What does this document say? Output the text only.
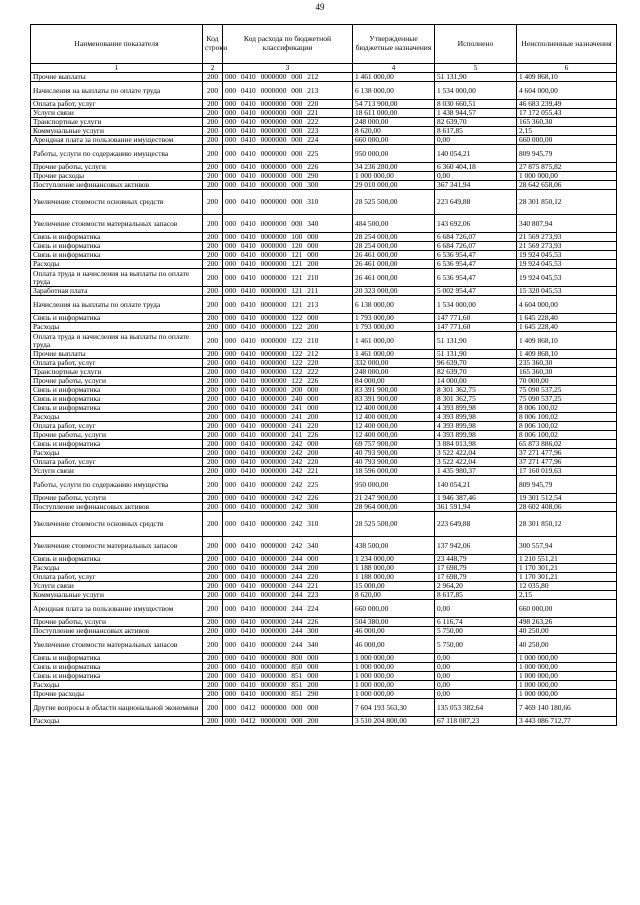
49
Наименование показателя	Код строки	Код расхода по бюджетной классификации	Утвержденные бюджетные назначения	Исполнено	Неисполненные назначения
1	2	3	4	5	6
Прочие выплаты	200	000 0410 0000000 000 212	1 461 000,00	51 131,90	1 409 868,10
Начисления на выплаты по оплате труда	200	000 0410 0000000 000 213	6 138 000,00	1 534 000,00	4 604 000,00
Оплата работ, услуг	200	000 0410 0000000 000 220	54 713 900,00	8 030 660,51	46 683 239,49
Услуги связи	200	000 0410 0000000 000 221	18 611 000,00	1 438 944,57	17 172 055,43
Транспортные услуги	200	000 0410 0000000 000 222	248 000,00	82 639,70	165 360,30
Коммунальные услуги	200	000 0410 0000000 000 223	8 620,00	8 617,85	2,15
Арендная плата за пользование имуществом	200	000 0410 0000000 000 224	660 000,00	0,00	660 000,00
Работы, услуги по содержанию имущества	200	000 0410 0000000 000 225	950 000,00	140 054,21	809 945,79
Прочие работы, услуги	200	000 0410 0000000 000 226	34 236 280,00	6 360 404,18	27 875 875,82
Прочие расходы	200	000 0410 0000000 000 290	1 000 000,00	0,00	1 000 000,00
Поступление нефинансовых активов	200	000 0410 0000000 000 300	29 010 000,00	367 341,94	28 642 658,06
Увеличение стоимости основных средств	200	000 0410 0000000 000 310	28 525 500,00	223 649,88	28 301 850,12
Увеличение стоимости материальных запасов	200	000 0410 0000000 000 340	484 500,00	143 692,06	340 807,94
Связь и информатика	200	000 0410 0000000 100 000	28 254 000,00	6 684 726,07	21 569 273,93
Связь и информатика	200	000 0410 0000000 120 000	28 254 000,00	6 684 726,07	21 569 273,93
Связь и информатика	200	000 0410 0000000 121 000	26 461 000,00	6 536 954,47	19 924 045,53
Расходы	200	000 0410 0000000 121 200	26 461 000,00	6 536 954,47	19 924 045,53
Оплата труда и начисления на выплаты по оплате труда	200	000 0410 0000000 121 210	26 461 000,00	6 536 954,47	19 924 045,53
Заработная плата	200	000 0410 0000000 121 211	20 323 000,00	5 002 954,47	15 320 045,53
Начисления на выплаты по оплате труда	200	000 0410 0000000 121 213	6 138 000,00	1 534 000,00	4 604 000,00
Связь и информатика	200	000 0410 0000000 122 000	1 793 000,00	147 771,60	1 645 228,40
Расходы	200	000 0410 0000000 122 200	1 793 000,00	147 771,60	1 645 228,40
Оплата труда и начисления на выплаты по оплате труда	200	000 0410 0000000 122 210	1 461 000,00	51 131,90	1 409 868,10
Прочие выплаты	200	000 0410 0000000 122 212	1 461 000,00	51 131,90	1 409 868,10
Оплата работ, услуг	200	000 0410 0000000 122 220	332 000,00	96 639,70	235 360,30
Транспортные услуги	200	000 0410 0000000 122 222	248 000,00	82 639,70	165 360,30
Прочие работы, услуги	200	000 0410 0000000 122 226	84 000,00	14 000,00	70 000,00
Связь и информатика	200	000 0410 0000000 200 000	83 391 900,00	8 301 362,75	75 090 537,25
Связь и информатика	200	000 0410 0000000 240 000	83 391 900,00	8 301 362,75	75 090 537,25
Связь и информатика	200	000 0410 0000000 241 000	12 400 000,00	4 393 899,98	8 006 100,02
Расходы	200	000 0410 0000000 241 200	12 400 000,00	4 393 899,98	8 006 100,02
Оплата работ, услуг	200	000 0410 0000000 241 220	12 400 000,00	4 393 899,98	8 006 100,02
Прочие работы, услуги	200	000 0410 0000000 241 226	12 400 000,00	4 393 899,98	8 006 100,02
Связь и информатика	200	000 0410 0000000 242 000	69 757 900,00	3 884 013,98	65 873 886,02
Расходы	200	000 0410 0000000 242 200	40 793 900,00	3 522 422,04	37 271 477,96
Оплата работ, услуг	200	000 0410 0000000 242 220	40 793 900,00	3 522 422,04	37 271 477,96
Услуги связи	200	000 0410 0000000 242 221	18 596 000,00	1 435 980,37	17 160 019,63
Работы, услуги по содержанию имущества	200	000 0410 0000000 242 225	950 000,00	140 054,21	809 945,79
Прочие работы, услуги	200	000 0410 0000000 242 226	21 247 900,00	1 946 387,46	19 301 512,54
Поступление нефинансовых активов	200	000 0410 0000000 242 300	28 964 000,00	361 591,94	28 602 408,06
Увеличение стоимости основных средств	200	000 0410 0000000 242 310	28 525 500,00	223 649,88	28 301 850,12
Увеличение стоимости материальных запасов	200	000 0410 0000000 242 340	438 500,00	137 942,06	300 557,94
Связь и информатика	200	000 0410 0000000 244 000	1 234 000,00	23 448,79	1 210 551,21
Расходы	200	000 0410 0000000 244 200	1 188 000,00	17 698,79	1 170 301,21
Оплата работ, услуг	200	000 0410 0000000 244 220	1 188 000,00	17 698,79	1 170 301,21
Услуги связи	200	000 0410 0000000 244 221	15 000,00	2 964,20	12 035,80
Коммунальные услуги	200	000 0410 0000000 244 223	8 620,00	8 617,85	2,15
Арендная плата за пользование имуществом	200	000 0410 0000000 244 224	660 000,00	0,00	660 000,00
Прочие работы, услуги	200	000 0410 0000000 244 226	504 380,00	6 116,74	498 263,26
Поступление нефинансовых активов	200	000 0410 0000000 244 300	46 000,00	5 750,00	40 250,00
Увеличение стоимости материальных запасов	200	000 0410 0000000 244 340	46 000,00	5 750,00	40 250,00
Связь и информатика	200	000 0410 0000000 800 000	1 000 000,00	0,00	1 000 000,00
Связь и информатика	200	000 0410 0000000 850 000	1 000 000,00	0,00	1 000 000,00
Связь и информатика	200	000 0410 0000000 851 000	1 000 000,00	0,00	1 000 000,00
Расходы	200	000 0410 0000000 851 200	1 000 000,00	0,00	1 000 000,00
Прочие расходы	200	000 0410 0000000 851 290	1 000 000,00	0,00	1 000 000,00
Другие вопросы в области национальной экономики	200	000 0412 0000000 000 000	7 604 193 563,30	135 053 382,64	7 469 140 180,66
Расходы	200	000 0412 0000000 000 200	3 510 204 800,00	67 118 087,23	3 443 086 712,77
